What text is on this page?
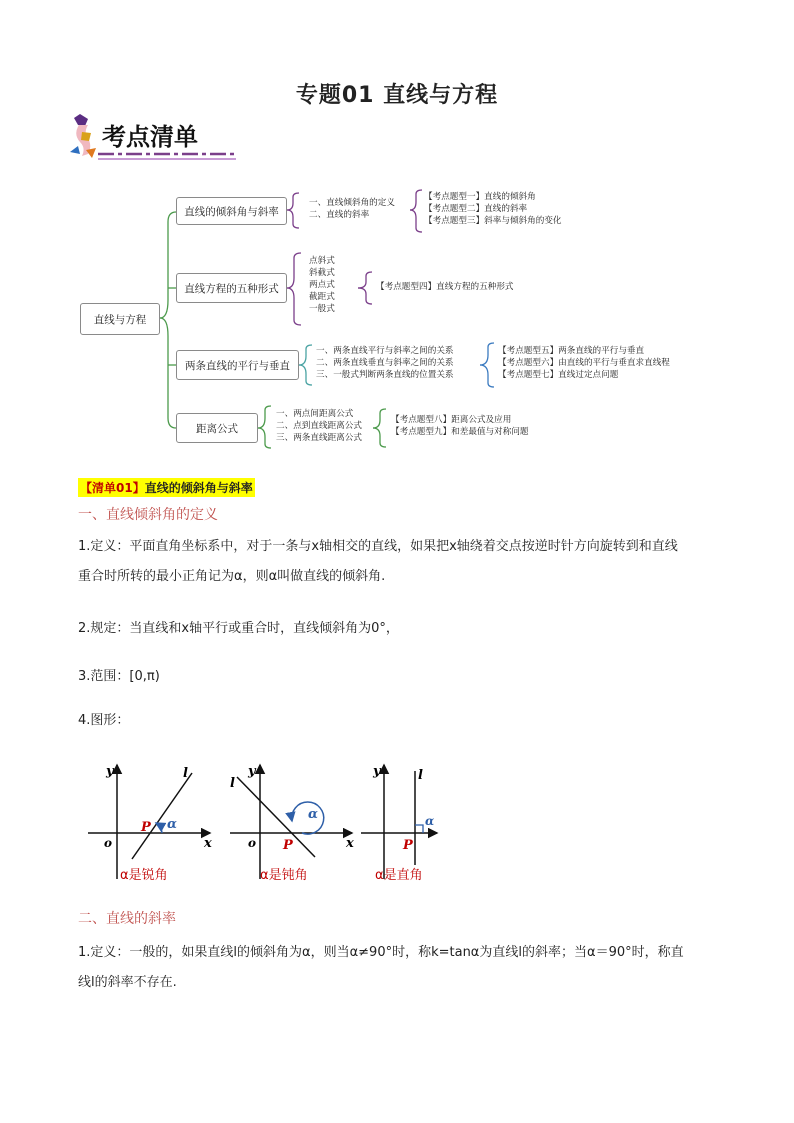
专题01 直线与方程
考点清单
直线与方程
直线的倾斜角与斜率
直线方程的五种形式
两条直线的平行与垂直
距离公式
一、直线倾斜角的定义
二、直线的斜率
【考点题型一】直线的倾斜角
【考点题型二】直线的斜率
【考点题型三】斜率与倾斜角的变化
点斜式
斜截式
两点式
截距式
一般式
【考点题型四】直线方程的五种形式
一、两条直线平行与斜率之间的关系
二、两条直线垂直与斜率之间的关系
三、一般式判断两条直线的位置关系
【考点题型五】两条直线的平行与垂直
【考点题型六】由直线的平行与垂直求直线程
【考点题型七】直线过定点问题
一、两点间距离公式
二、点到直线距离公式
三、两条直线距离公式
【考点题型八】距离公式及应用
【考点题型九】和差最值与对称问题
【清单01】直线的倾斜角与斜率
一、直线倾斜角的定义
1.定义：平面直角坐标系中，对于一条与x轴相交的直线，如果把x轴绕着交点按逆时针方向旋转到和直线
重合时所转的最小正角记为α，则α叫做直线的倾斜角.
2.规定：当直线和x轴平行或重合时，直线倾斜角为0°，
3.范围：[0,π)
4.图形：
y
x
o
l
P α
α是锐角
y
x
o
l
P
α
α是钝角
y	l
P
α
α是直角
二、直线的斜率
1.定义：一般的，如果直线l的倾斜角为α，则当α≠90°时，称k=tanα为直线l的斜率；当α＝90°时，称直
线l的斜率不存在.
